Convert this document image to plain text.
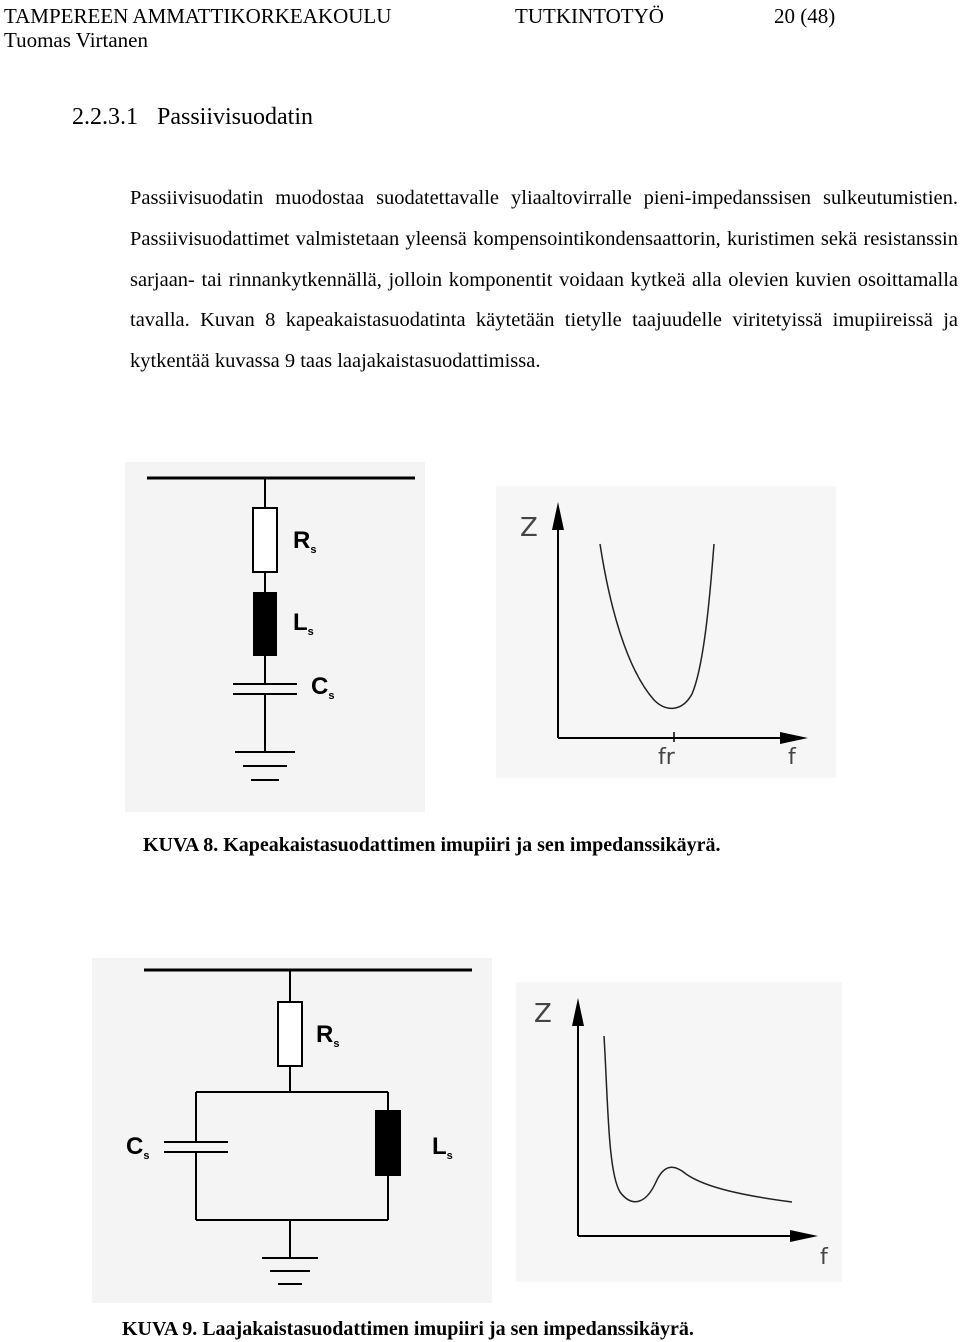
TAMPEREEN AMMATTIKORKEAKOULU	TUTKINTOTYÖ	20 (48)
Tuomas Virtanen
2.2.3.1 Passiivisuodatin

Passiivisuodatin muodostaa suodatettavalle yliaaltovirralle pieni-impedanssisen sulkeutumistien. Passiivisuodattimet valmistetaan yleensä kompensointikondensaattorin, kuristimen sekä resistanssin sarjaan- tai rinnankytkennällä, jolloin komponentit voidaan kytkeä alla olevien kuvien osoittamalla tavalla. Kuvan 8 kapeakaistasuodatinta käytetään tietylle taajuudelle viritetyissä imupiireissä ja kytkentää kuvassa 9 taas laajakaistasuodattimissa.

$R_s$
$L_s$
$C_s$
Z
fr	f
KUVA 8. Kapeakaistasuodattimen imupiiri ja sen impedanssikäyrä.
$R_s$
$C_s$	$L_s$
Z
f
KUVA 9. Laajakaistasuodattimen imupiiri ja sen impedanssikäyrä.
